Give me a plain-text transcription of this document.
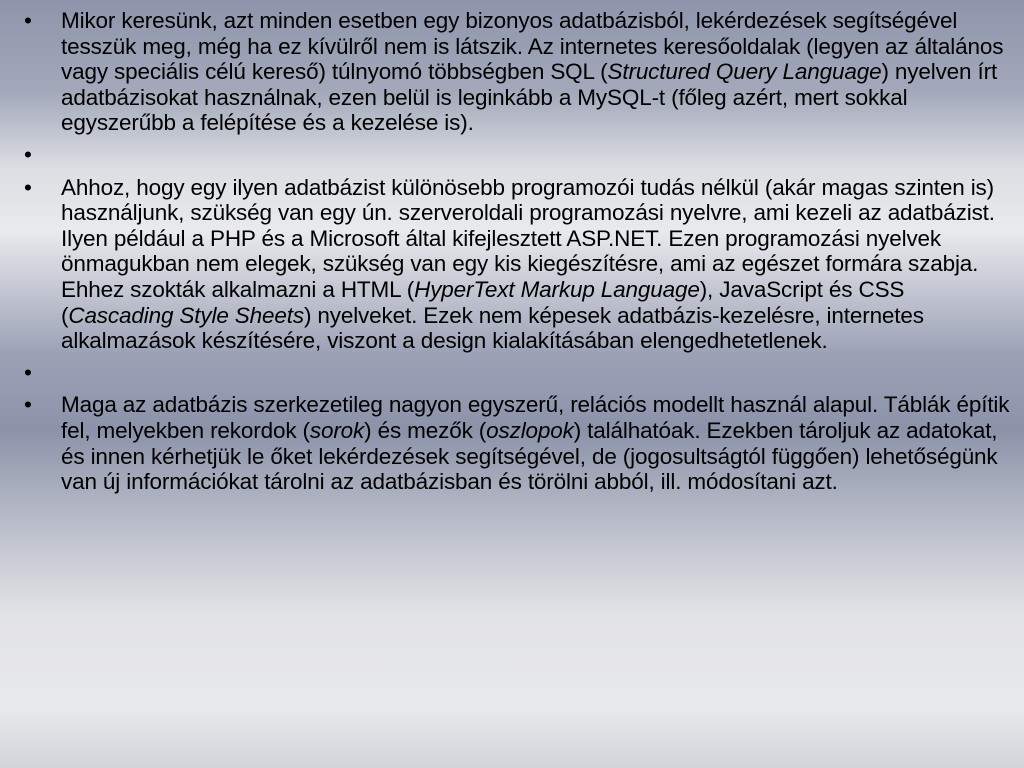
• Mikor keresünk, azt minden esetben egy bizonyos adatbázisból, lekérdezések segítségével tesszük meg, még ha ez kívülről nem is látszik. Az internetes keresőoldalak (legyen az általános vagy speciális célú kereső) túlnyomó többségben SQL (Structured Query Language) nyelven írt adatbázisokat használnak, ezen belül is leginkább a MySQL-t (főleg azért, mert sokkal egyszerűbb a felépítése és a kezelése is).
•
• Ahhoz, hogy egy ilyen adatbázist különösebb programozói tudás nélkül (akár magas szinten is) használjunk, szükség van egy ún. szerveroldali programozási nyelvre, ami kezeli az adatbázist. Ilyen például a PHP és a Microsoft által kifejlesztett ASP.NET. Ezen programozási nyelvek önmagukban nem elegek, szükség van egy kis kiegészítésre, ami az egészet formára szabja. Ehhez szokták alkalmazni a HTML (HyperText Markup Language), JavaScript és CSS (Cascading Style Sheets) nyelveket. Ezek nem képesek adatbázis-kezelésre, internetes alkalmazások készítésére, viszont a design kialakításában elengedhetetlenek.
•
• Maga az adatbázis szerkezetileg nagyon egyszerű, relációs modellt használ alapul. Táblák építik fel, melyekben rekordok (sorok) és mezők (oszlopok) találhatóak. Ezekben tároljuk az adatokat, és innen kérhetjük le őket lekérdezések segítségével, de (jogosultságtól függően) lehetőségünk van új információkat tárolni az adatbázisban és törölni abból, ill. módosítani azt.
